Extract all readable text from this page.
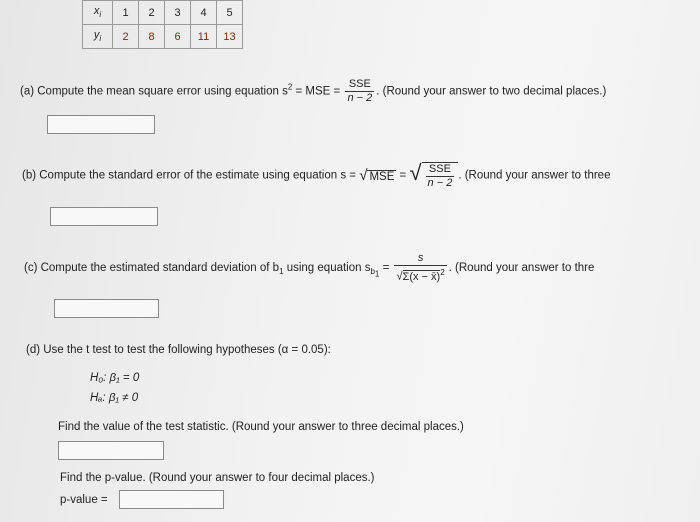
$x_i$	1	2	3	4	5
$y_i$	2	8	6	11	13
(a) Compute the mean square error using equation $s^2$ = MSE = $\frac{\text{SSE}}{n - 2}$ . (Round your answer to two decimal places.)
(b) Compute the standard error of the estimate using equation s = √ MSE = √ $\frac{\text{SSE}}{n - 2}$ . (Round your answer to three
(c) Compute the estimated standard deviation of $b_1$ using equation $s_{b_1} = \frac{s}{√\Sigma(x - x̄)^2}$ . (Round your answer to thre
(d) Use the t test to test the following hypotheses (α = 0.05):
H₀: β₁ = 0
Hₐ: β₁ ≠ 0
Find the value of the test statistic. (Round your answer to three decimal places.)
Find the p-value. (Round your answer to four decimal places.)
p-value =
